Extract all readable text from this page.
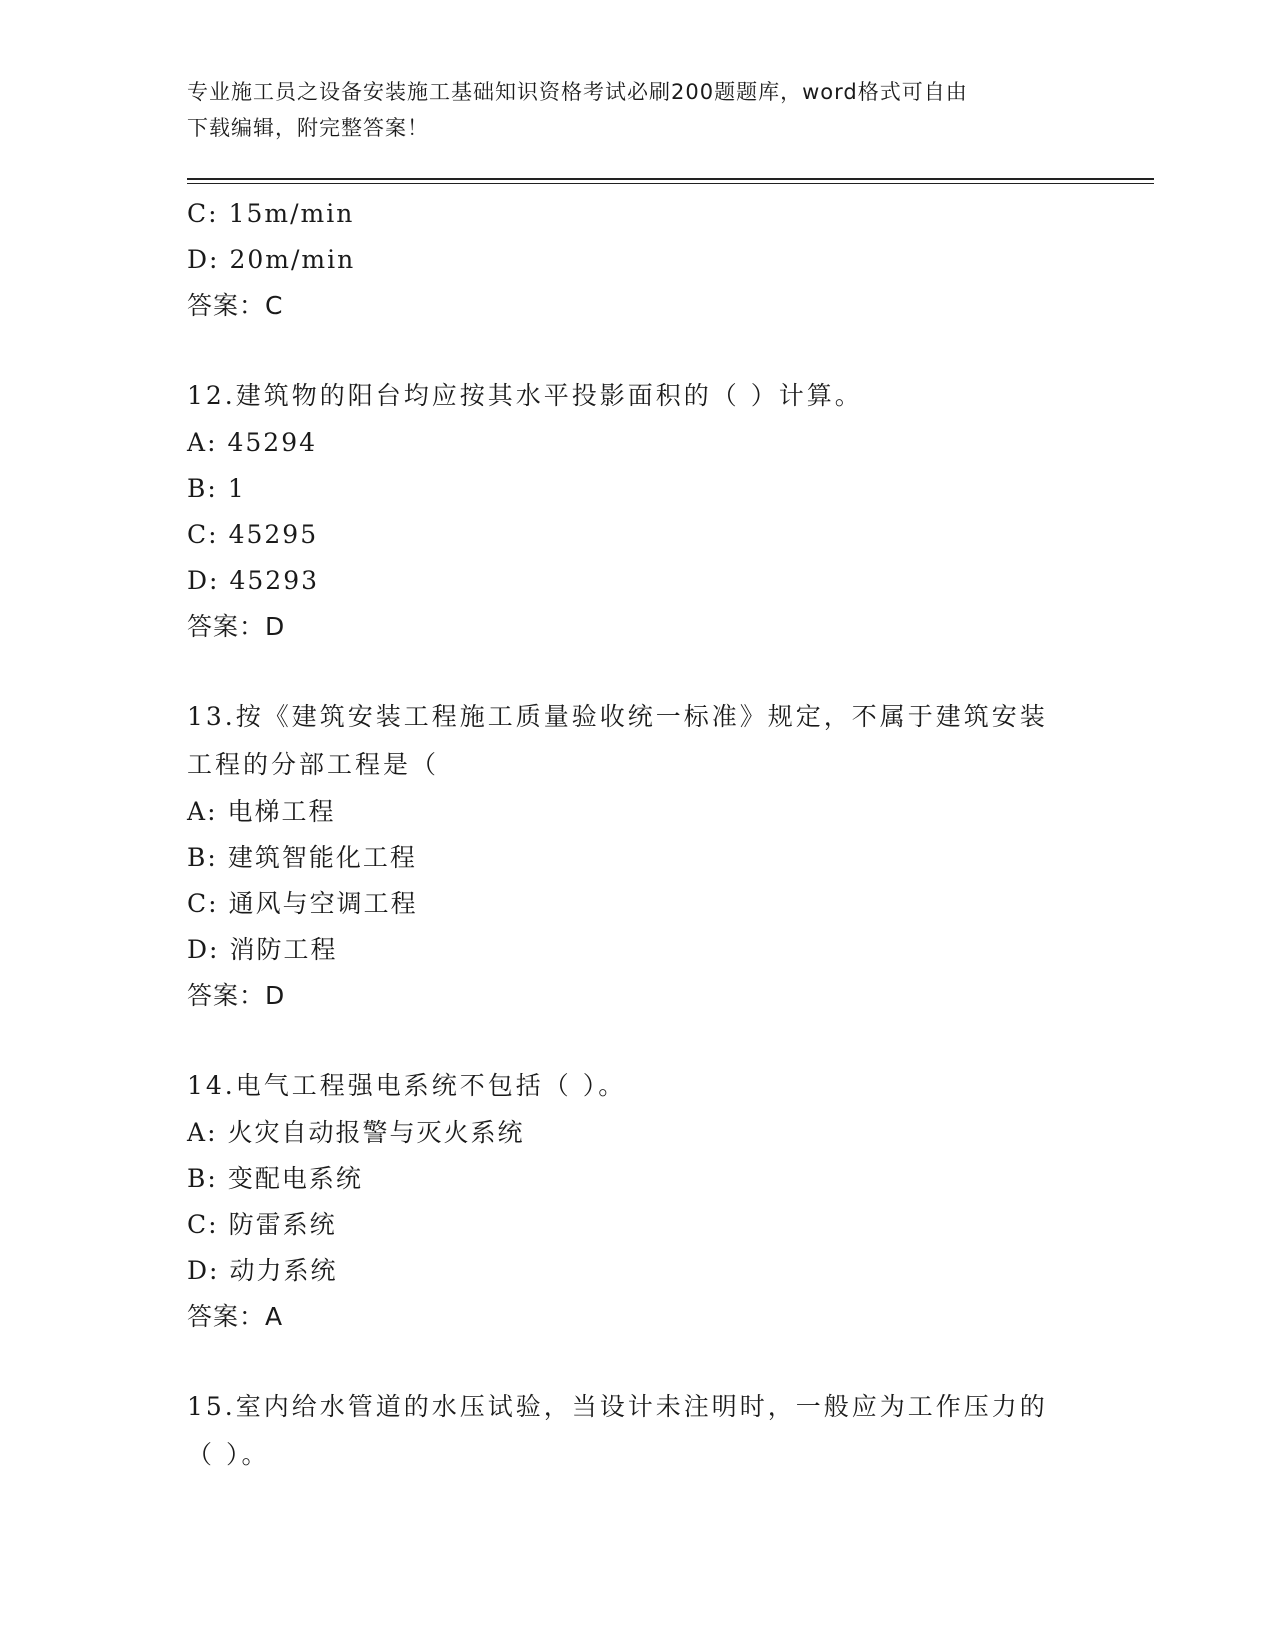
专业施工员之设备安装施工基础知识资格考试必刷200题题库，word格式可自由
下载编辑，附完整答案！
C: 15m/min
D: 20m/min
答案：C
12.建筑物的阳台均应按其水平投影面积的（ ）计算。
A: 45294
B: 1
C: 45295
D: 45293
答案：D
13.按《建筑安装工程施工质量验收统一标准》规定，不属于建筑安装工程的分部工程是（
A: 电梯工程
B: 建筑智能化工程
C: 通风与空调工程
D: 消防工程
答案：D
14.电气工程强电系统不包括（ ）。
A: 火灾自动报警与灭火系统
B: 变配电系统
C: 防雷系统
D: 动力系统
答案：A
15.室内给水管道的水压试验，当设计未注明时，一般应为工作压力的（ ）。
